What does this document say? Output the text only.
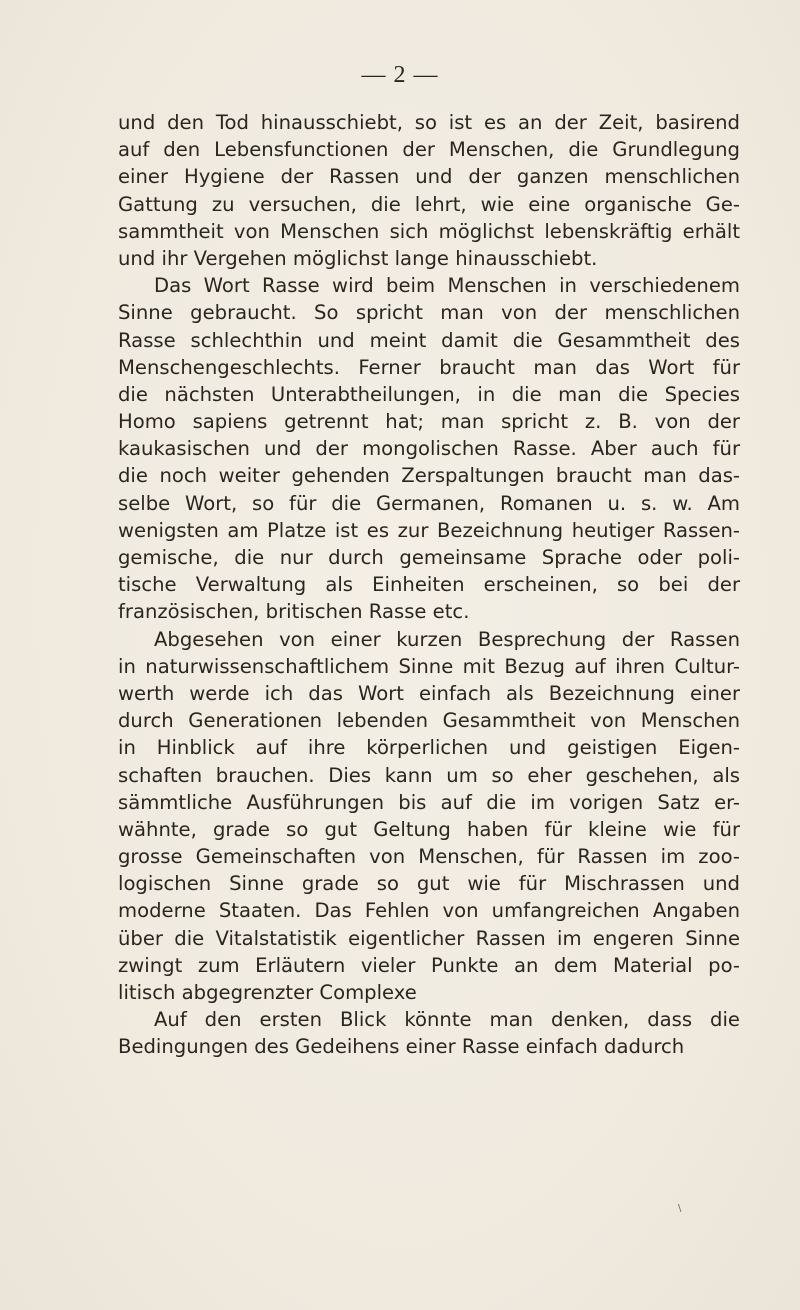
— 2 —
und den Tod hinausschiebt, so ist es an der Zeit, basirend
auf den Lebensfunctionen der Menschen, die Grundlegung
einer Hygiene der Rassen und der ganzen menschlichen
Gattung zu versuchen, die lehrt, wie eine organische Ge-
sammtheit von Menschen sich möglichst lebenskräftig erhält
und ihr Vergehen möglichst lange hinausschiebt.
Das Wort Rasse wird beim Menschen in verschiedenem
Sinne gebraucht. So spricht man von der menschlichen
Rasse schlechthin und meint damit die Gesammtheit des
Menschengeschlechts. Ferner braucht man das Wort für
die nächsten Unterabtheilungen, in die man die Species
Homo sapiens getrennt hat; man spricht z. B. von der
kaukasischen und der mongolischen Rasse. Aber auch für
die noch weiter gehenden Zerspaltungen braucht man das-
selbe Wort, so für die Germanen, Romanen u. s. w. Am
wenigsten am Platze ist es zur Bezeichnung heutiger Rassen-
gemische, die nur durch gemeinsame Sprache oder poli-
tische Verwaltung als Einheiten erscheinen, so bei der
französischen, britischen Rasse etc.
Abgesehen von einer kurzen Besprechung der Rassen
in naturwissenschaftlichem Sinne mit Bezug auf ihren Cultur-
werth werde ich das Wort einfach als Bezeichnung einer
durch Generationen lebenden Gesammtheit von Menschen
in Hinblick auf ihre körperlichen und geistigen Eigen-
schaften brauchen. Dies kann um so eher geschehen, als
sämmtliche Ausführungen bis auf die im vorigen Satz er-
wähnte, grade so gut Geltung haben für kleine wie für
grosse Gemeinschaften von Menschen, für Rassen im zoo-
logischen Sinne grade so gut wie für Mischrassen und
moderne Staaten. Das Fehlen von umfangreichen Angaben
über die Vitalstatistik eigentlicher Rassen im engeren Sinne
zwingt zum Erläutern vieler Punkte an dem Material po-
litisch abgegrenzter Complexe
Auf den ersten Blick könnte man denken, dass die
Bedingungen des Gedeihens einer Rasse einfach dadurch
\
